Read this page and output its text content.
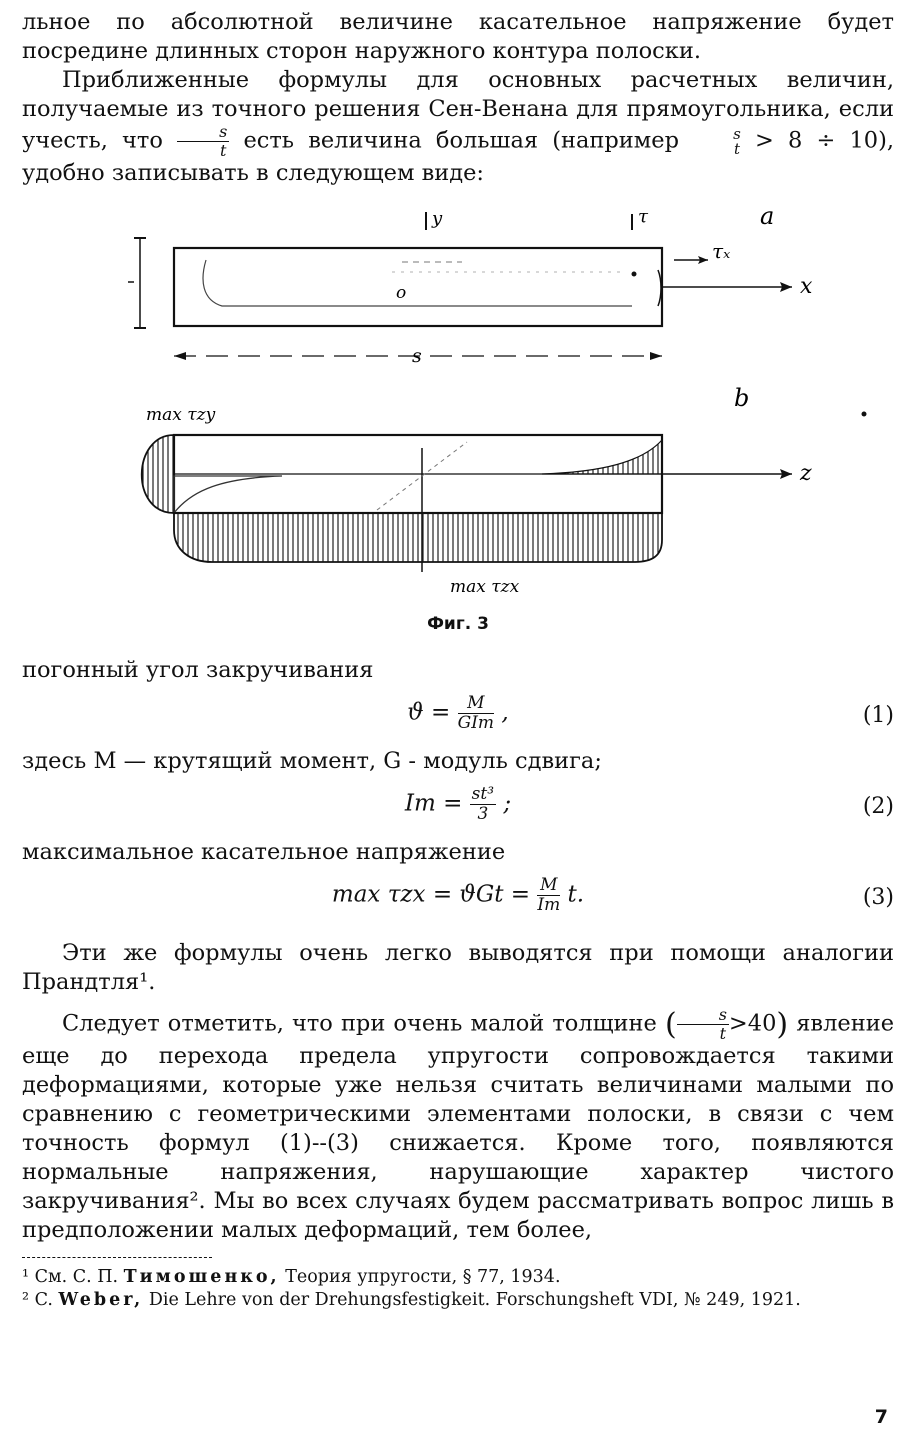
льное по абсолютной величине касательное напряжение будет посредине длинных сторон наружного контура полоски.

Приближенные формулы для основных расчетных величин, получаемые из точного решения Сен-Венана для прямоугольника, если учесть, что $\frac{s}{t}$ есть величина большая (например	s
t > 8 ÷ 10), удобно записывать в следующем виде:

y	τ	a
o	x
τₓ
s
b
max τzy
z
max τzx
Фиг. 3

погонный угол закручивания

$ϑ = \frac{M}{\text{GIт}}$ ,	(1)

здесь M — крутящий момент, G - модуль сдвига;

Iт = $\frac{\text{st³}}{3}$ ;	(2)

максимальное касательное напряжение

$\max \tau zx = ϑGt = \frac{M}{Iт} t$.	(3)

Эти же формулы очень легко выводятся при помощи аналогии Прандтля¹.

Следует отметить, что при очень малой толщине ( $\frac{s}{t} >40$) явление еще до перехода предела упругости сопровождается такими деформациями, которые уже нельзя считать величинами малыми по сравнению с геометрическими элементами полоски, в связи с чем точность формул (1)--(3) снижается. Кроме того, появляются нормальные напряжения, нарушающие характер чистого закручивания². Мы во всех случаях будем рассматривать вопрос лишь в предположении малых деформаций, тем более,

¹ См. С. П. Тимошенко, Теория упругости, § 77, 1934.
² C. Weber, Die Lehre von der Drehungsfestigkeit. Forschungsheft VDI, № 249, 1921.
7
